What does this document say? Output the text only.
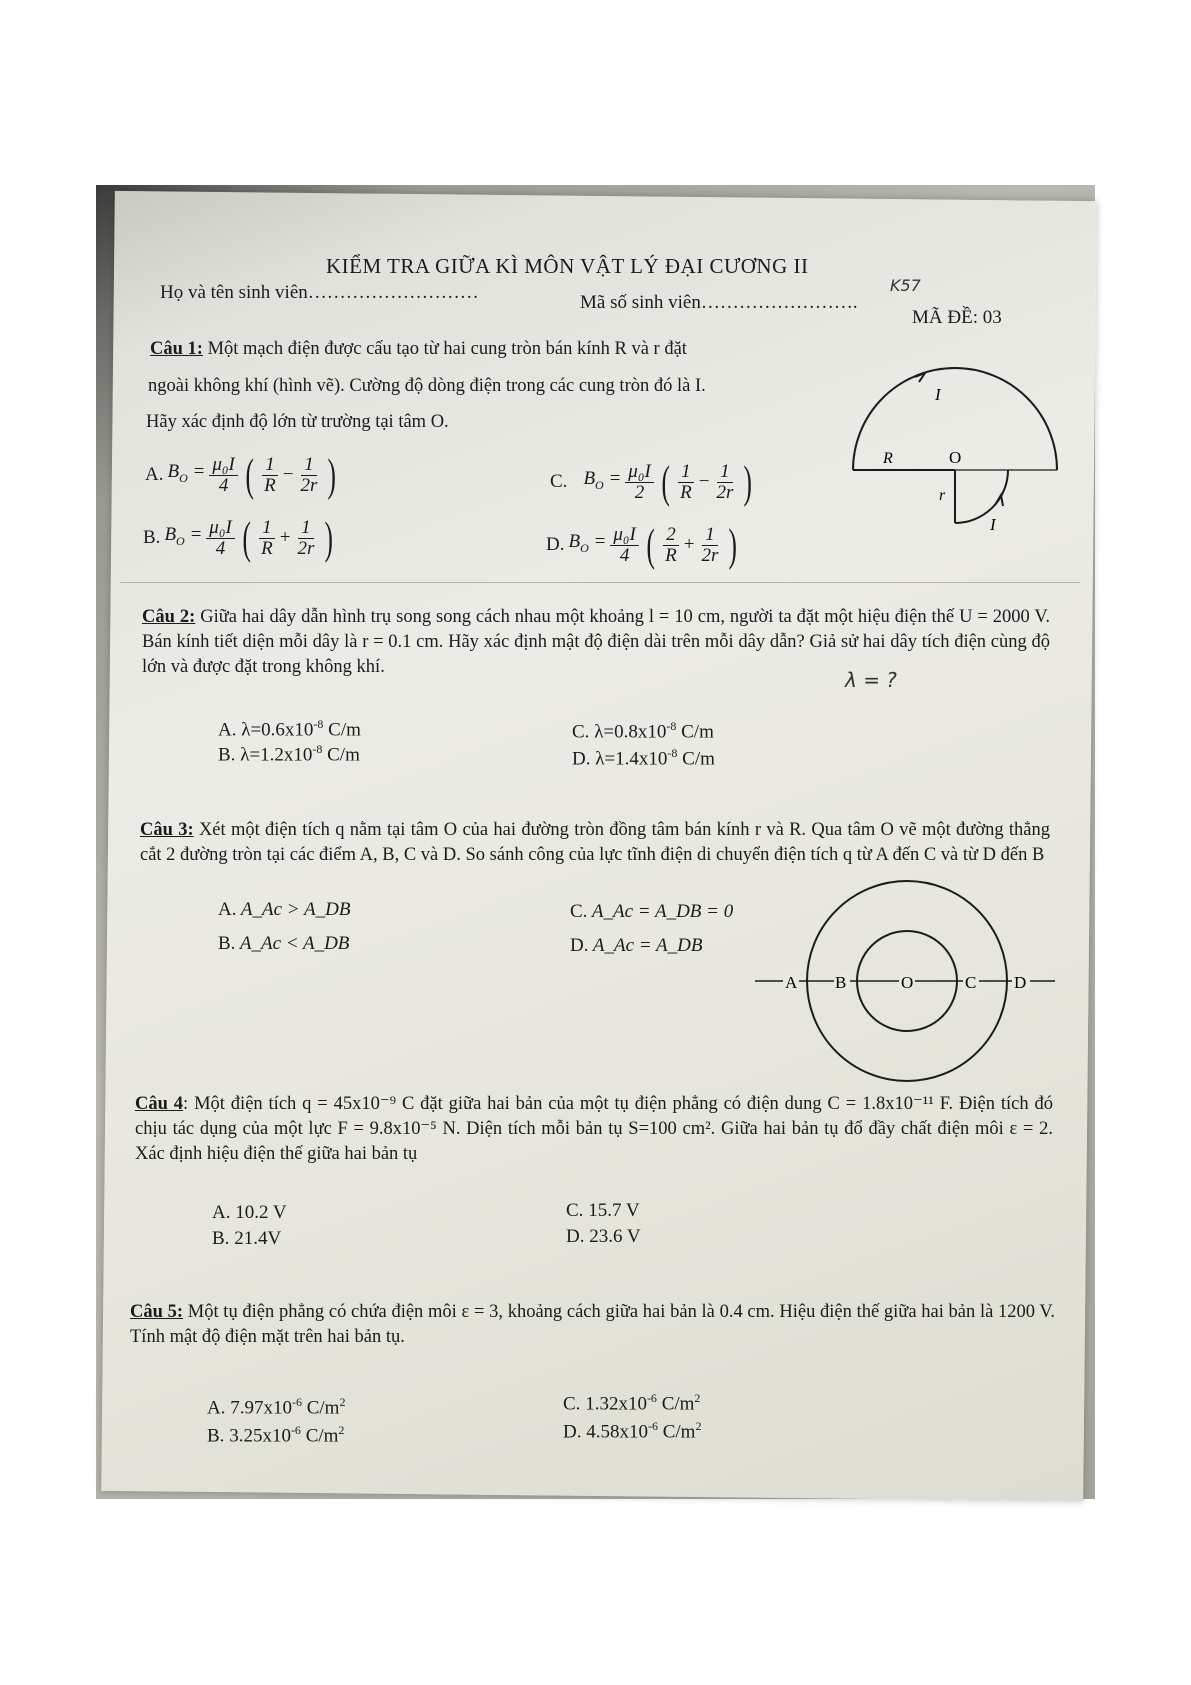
KIỂM TRA GIỮA KÌ MÔN VẬT LÝ ĐẠI CƯƠNG II
K57
Họ và tên sinh viên………………………	Mã số sinh viên…………………….
MÃ ĐỀ: 03
Câu 1: Một mạch điện được cấu tạo từ hai cung tròn bán kính R và r đặt
ngoài không khí (hình vẽ). Cường độ dòng điện trong các cung tròn đó là I.
Hãy xác định độ lớn từ trường tại tâm O.
A. $B_O = \frac{\text{μ₀I}}{4}$ ( $\frac{1}{R} - \frac{1}{2r}$ )	C. $B_O = \frac{\text{μ₀I}}{2}$ ( $\frac{1}{R} - \frac{1}{2r}$ )
B. $B_O = \frac{\text{μ₀I}}{4}$ ( $\frac{1}{R} + \frac{1}{2r}$ )	D. $B_O = \frac{\text{μ₀I}}{4}$ ( $\frac{2}{R} + \frac{1}{2r}$ )
I
R	O
r
I
Câu 2: Giữa hai dây dẫn hình trụ song song cách nhau một khoảng l = 10 cm, người ta đặt một hiệu điện thế U = 2000 V. Bán kính tiết diện mỗi dây là r = 0.1 cm. Hãy xác định mật độ điện dài trên mỗi dây dẫn? Giả sử hai dây tích điện cùng độ lớn và được đặt trong không khí.
λ = ?
A. $\lambda=0.6x10^{-8}$ C/m
B. $\lambda=1.2x10^{-8}$ C/m
C. $\lambda=0.8x10^{-8}$ C/m
D. $\lambda=1.4x10^{-8}$ C/m
Câu 3: Xét một điện tích q nằm tại tâm O của hai đường tròn đồng tâm bán kính r và R. Qua tâm O vẽ một đường thẳng cắt 2 đường tròn tại các điểm A, B, C và D. So sánh công của lực tĩnh điện di chuyển điện tích q từ A đến C và từ D đến B
A. A_Ac > A_DB
B. A_Ac < A_DB
C. A_Ac = A_DB = 0
D. A_Ac = A_DB
A B	O	C D
Câu 4: Một điện tích q = 45x10⁻⁹ C đặt giữa hai bản của một tụ điện phẳng có điện dung C = 1.8x10⁻¹¹ F. Điện tích đó chịu tác dụng của một lực F = 9.8x10⁻⁵ N. Diện tích mỗi bản tụ S=100 cm². Giữa hai bản tụ đổ đầy chất điện môi ε = 2. Xác định hiệu điện thế giữa hai bản tụ
A. 10.2 V
B. 21.4V
C. 15.7 V
D. 23.6 V
Câu 5: Một tụ điện phẳng có chứa điện môi ε = 3, khoảng cách giữa hai bản là 0.4 cm. Hiệu điện thế giữa hai bản là 1200 V. Tính mật độ điện mặt trên hai bản tụ.
A. $7.97x10^{-6}$ $C/m^2$
B. $3.25x10^{-6}$ $C/m^2$
C. $1.32x10^{-6}$ $C/m^2$
D. $4.58x10^{-6}$ $C/m^2$
